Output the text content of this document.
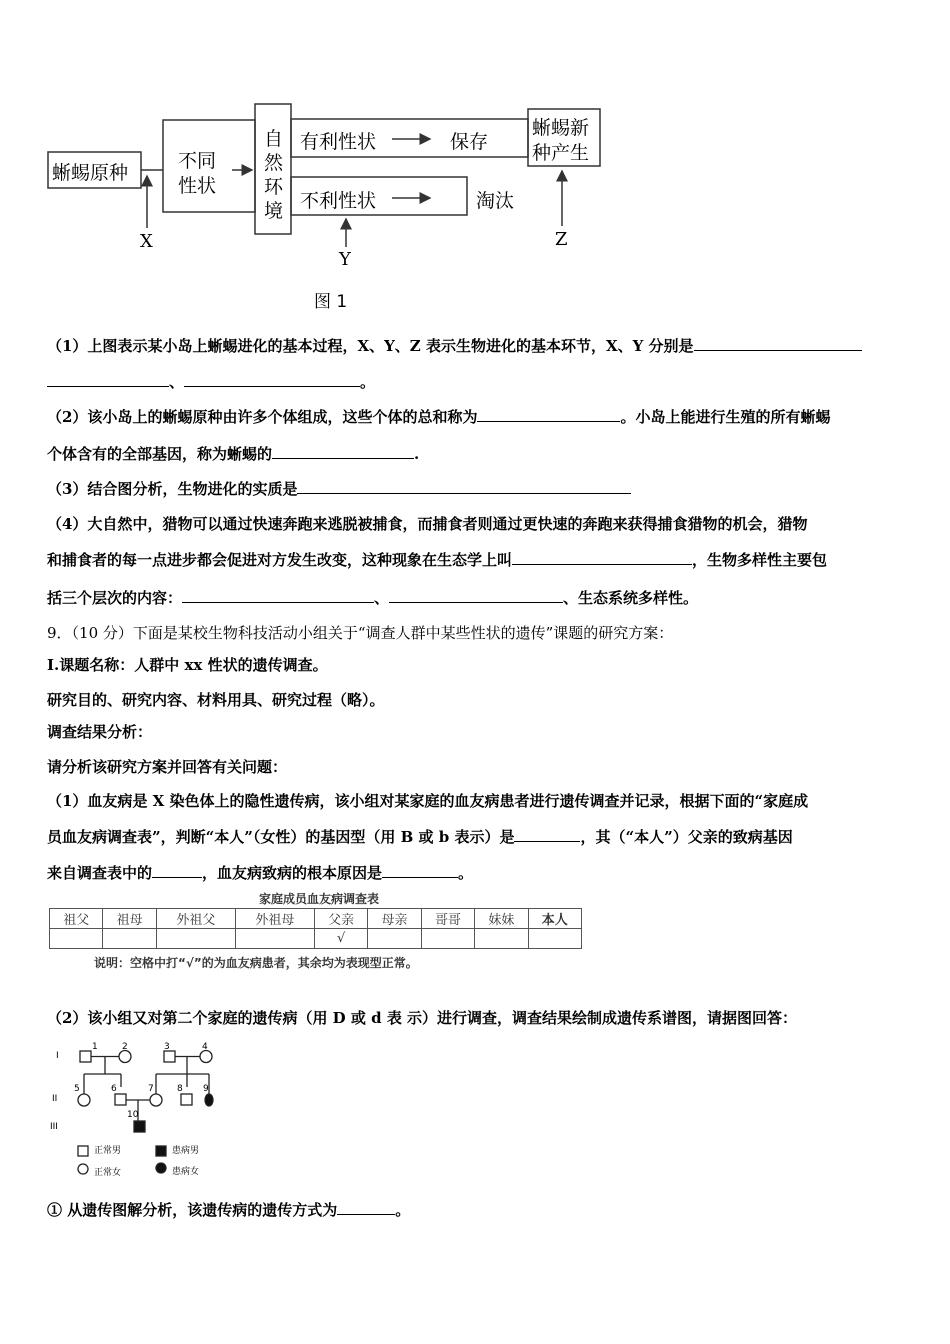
蜥蜴原种
不同
性状
自
然
环
境
有利性状	保存
不利性状	淘汰
蜥蜴新
种产生
X
Y
Z
图 1
（1）上图表示某小岛上蜥蜴进化的基本过程，X、Y、Z 表示生物进化的基本环节，X、Y 分别是
、	。
（2）该小岛上的蜥蜴原种由许多个体组成，这些个体的总和称为	。小岛上能进行生殖的所有蜥蜴
个体含有的全部基因，称为蜥蜴的	.
（3）结合图分析，生物进化的实质是
（4）大自然中，猎物可以通过快速奔跑来逃脱被捕食，而捕食者则通过更快速的奔跑来获得捕食猎物的机会，猎物
和捕食者的每一点进步都会促进对方发生改变，这种现象在生态学上叫	，生物多样性主要包
括三个层次的内容：	、	、生态系统多样性。
9．（10 分）下面是某校生物科技活动小组关于“调查人群中某些性状的遗传”课题的研究方案：
I.课题名称：人群中 xx 性状的遗传调查。
研究目的、研究内容、材料用具、研究过程（略）。
调查结果分析：
请分析该研究方案并回答有关问题：
（1）血友病是 X 染色体上的隐性遗传病，该小组对某家庭的血友病患者进行遗传调查并记录，根据下面的“家庭成
员血友病调查表”，判断“本人”（女性）的基因型（用 B 或 b 表示）是	，其（“本人”）父亲的致病基因
来自调查表中的	，血友病致病的根本原因是	。
家庭成员血友病调查表
祖父	祖母	外祖父	外祖母	父亲	母亲	哥哥	妹妹	本人
				√				
说明：空格中打“√”的为血友病患者，其余均为表现型正常。
（2）该小组又对第二个家庭的遗传病（用 D 或 d 表 示）进行调查，调查结果绘制成遗传系谱图，请据图回答：
I
II
III
1	2	3	4
5	6	7	8 9
10
正常男	患病男
正常女	患病女
① 从遗传图解分析，该遗传病的遗传方式为	。
